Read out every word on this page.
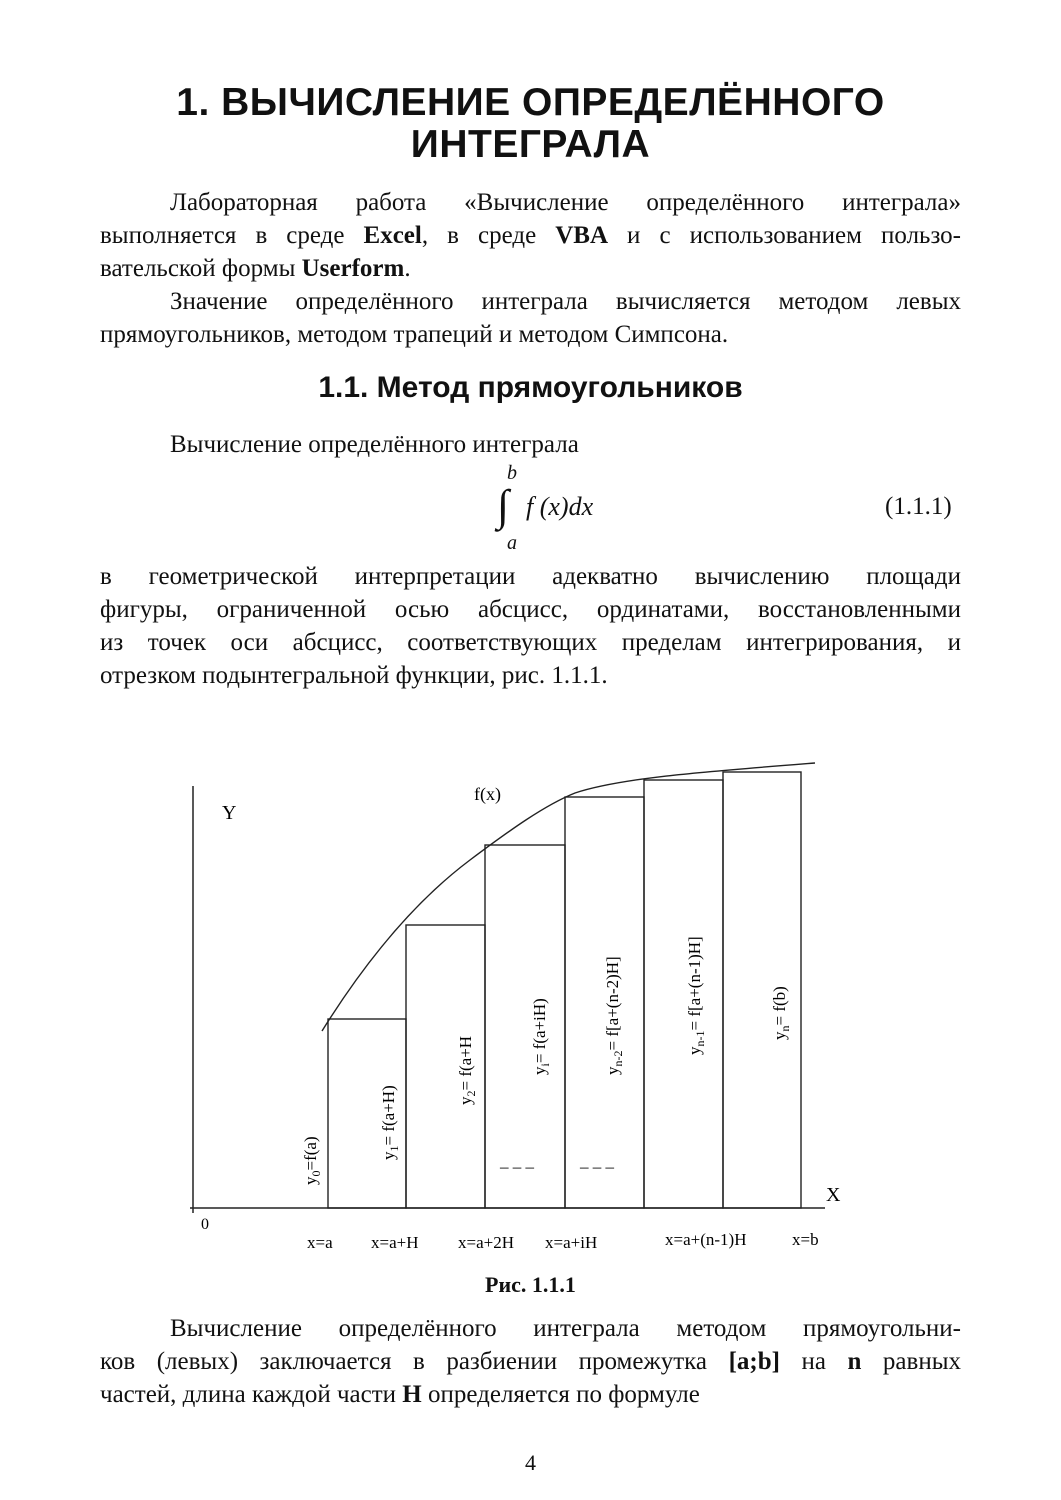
1. ВЫЧИСЛЕНИЕ ОПРЕДЕЛЁННОГО
ИНТЕГРАЛА
Лабораторная работа «Вычисление определённого интеграла»
выполняется в среде Excel, в среде VBA и с использованием пользо-
вательской формы Userform.
Значение определённого интеграла вычисляется методом левых
прямоугольников, методом трапеций и методом Симпсона.
1.1. Метод прямоугольников
Вычисление определённого интеграла
b
∫ f (x)dx
a
(1.1.1)
в геометрической интерпретации адекватно вычислению площади
фигуры, ограниченной осью абсцисс, ординатами, восстановленными
из точек оси абсцисс, соответствующих пределам интегрирования, и
отрезком подынтегральной функции, рис. 1.1.1.
Y
X
0
f(x)
$y_0=f(a)$	$y_1= f(a+H)$	$y_2= f(a+H$	$y_i= f(a+iH)$
$y_{n-2}= f[a+(n-2)H]$
$y_{n-1}= f[a+(n-1)H]$
$y_n= f(b)$
– – –	– – –
x=a x=a+H x=a+2H x=a+iH	x=a+(n-1)H	x=b
Рис. 1.1.1
Вычисление определённого интеграла методом прямоугольни-
ков (левых) заключается в разбиении промежутка [a;b] на n равных
частей, длина каждой части H определяется по формуле
4
